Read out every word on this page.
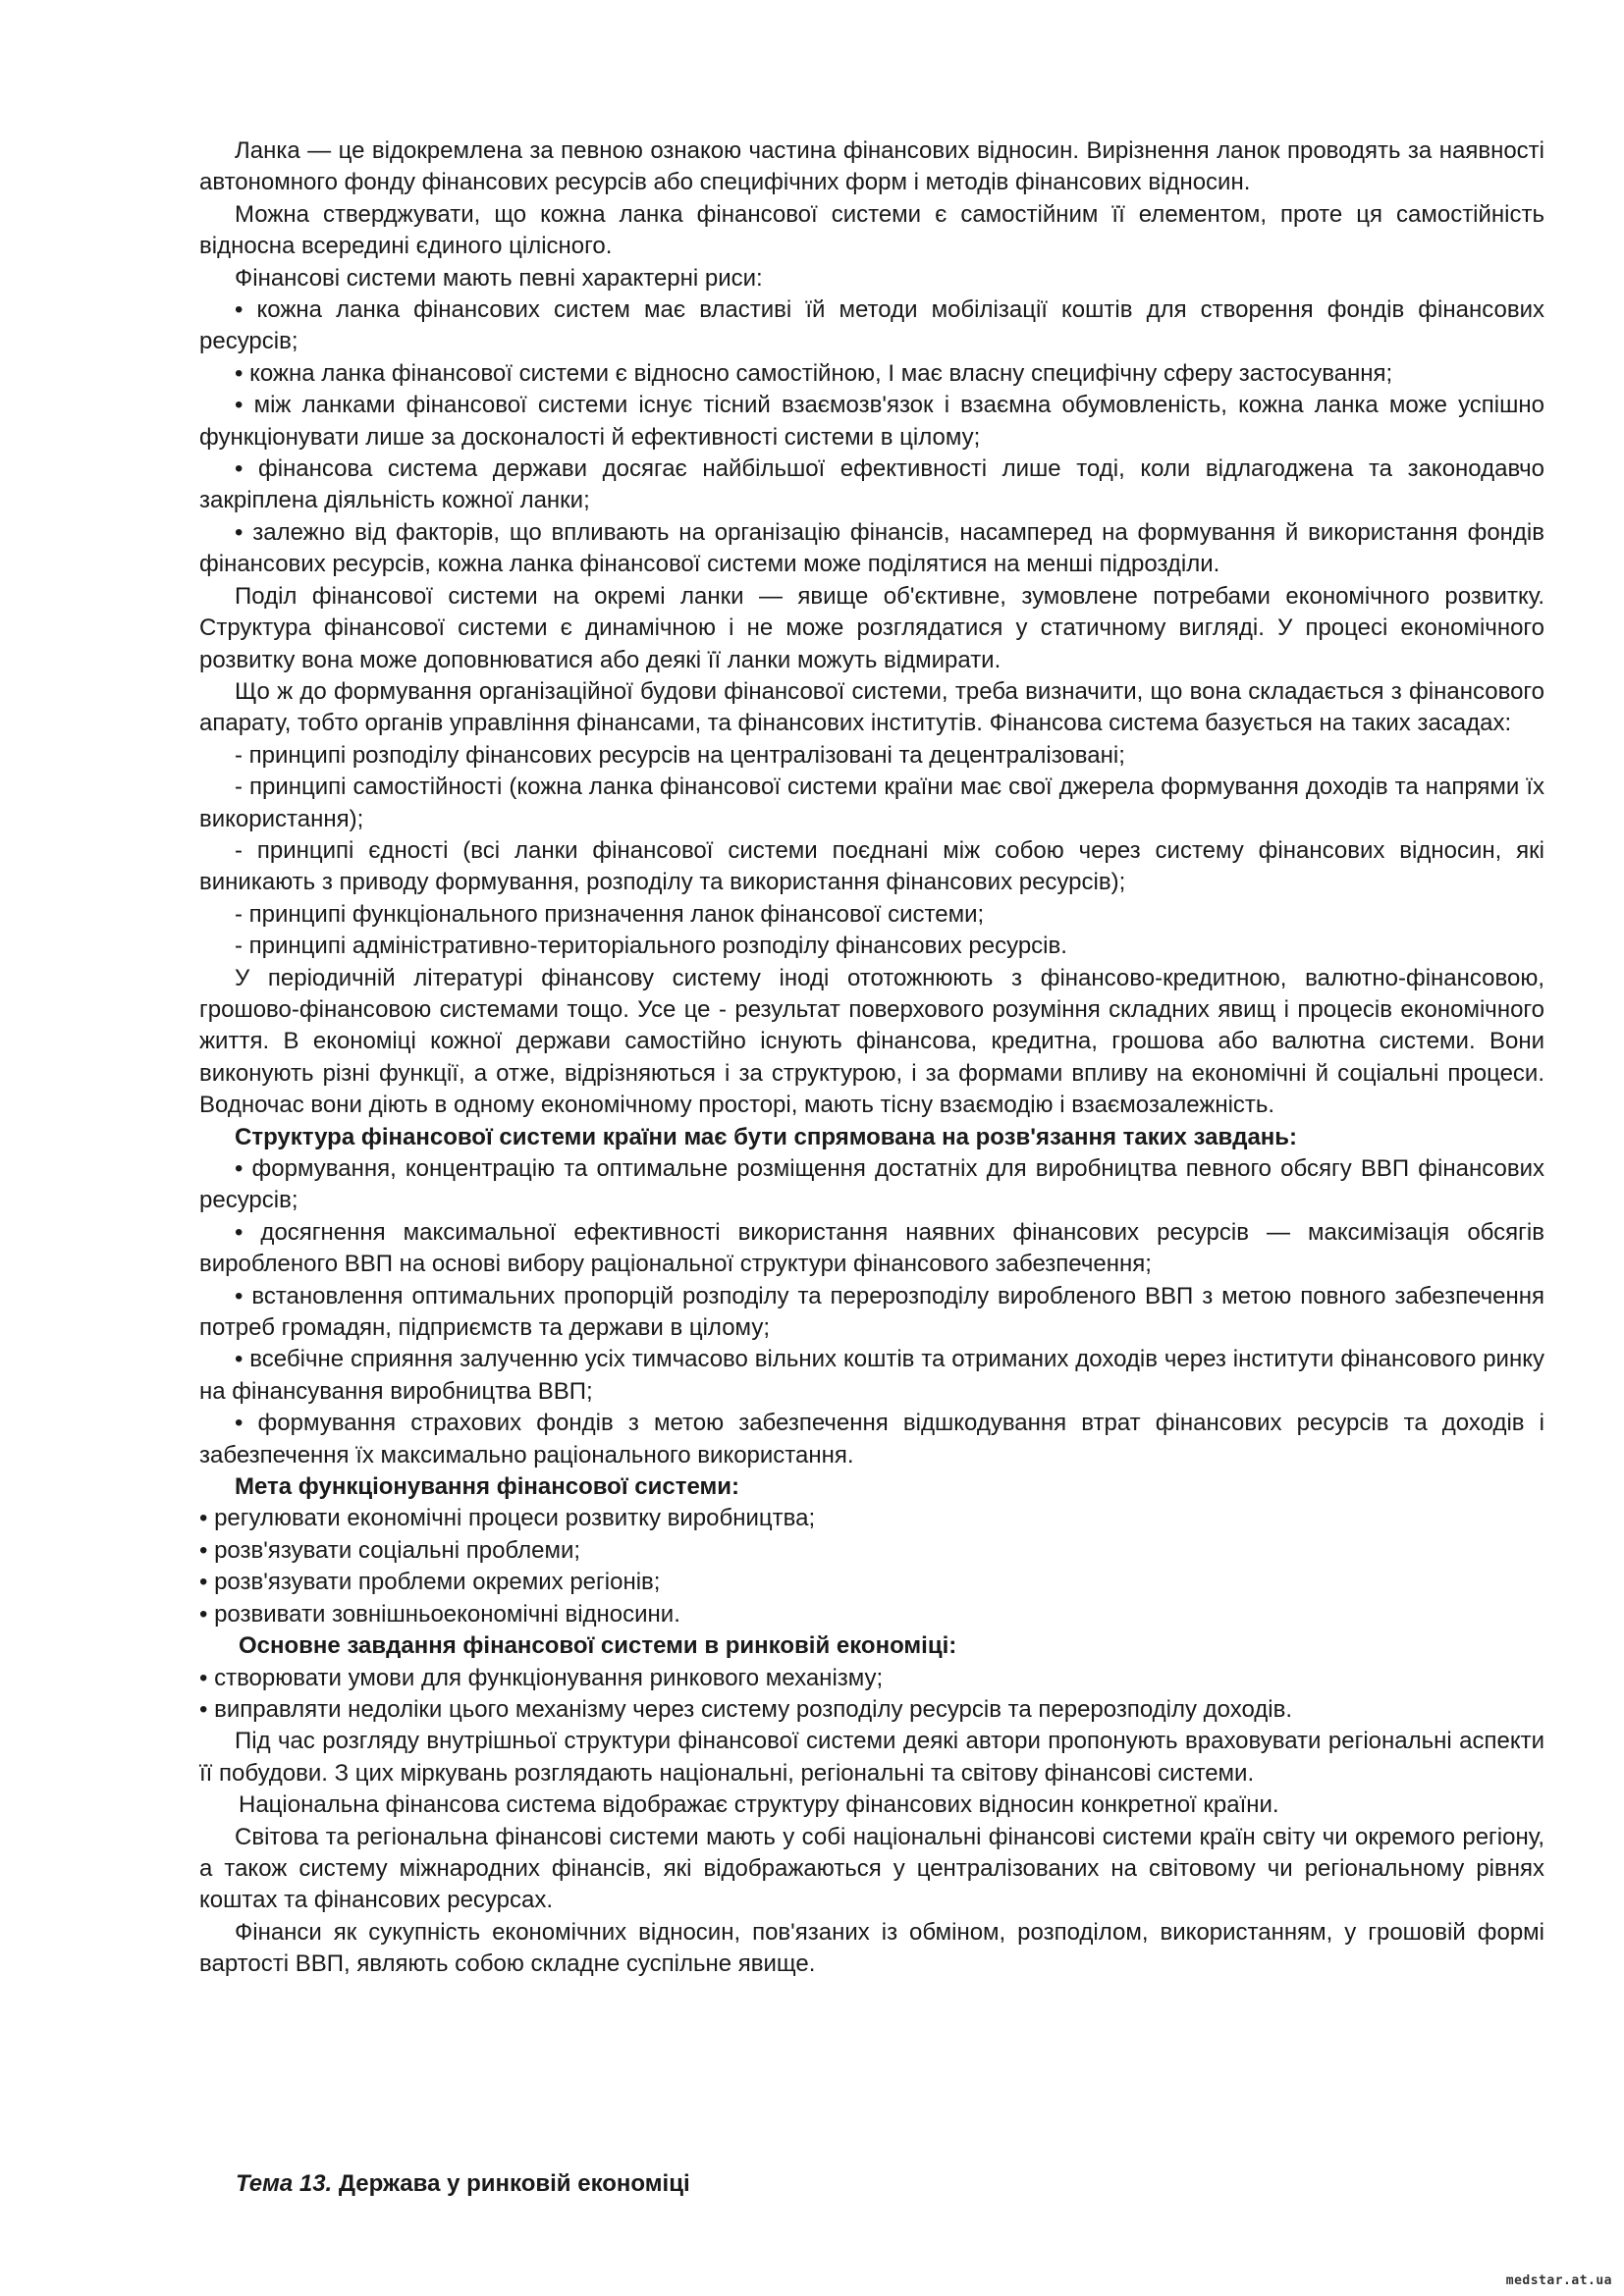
Ланка — це відокремлена за певною ознакою частина фінансових відносин. Вирізнення ланок проводять за наявності автономного фонду фінансових ресурсів або специфічних форм і методів фінансових відносин.

Можна стверджувати, що кожна ланка фінансової системи є самостійним її елементом, проте ця самостійність відносна всередині єдиного цілісного.

Фінансові системи мають певні характерні риси:

• кожна ланка фінансових систем має властиві їй методи мобілізації коштів для створення фондів фінансових ресурсів;

• кожна ланка фінансової системи є відносно самостійною, І має власну специфічну сферу застосування;

• між ланками фінансової системи існує тісний взаємозв'язок і взаємна обумовленість, кожна ланка може успішно функціонувати лише за досконалості й ефективності системи в цілому;

• фінансова система держави досягає найбільшої ефективності лише тоді, коли відлагоджена та законодавчо закріплена діяльність кожної ланки;

• залежно від факторів, що впливають на організацію фінансів, насамперед на формування й використання фондів фінансових ресурсів, кожна ланка фінансової системи може поділятися на менші підрозділи.

Поділ фінансової системи на окремі ланки — явище об'єктивне, зумовлене потребами економічного розвитку. Структура фінансової системи є динамічною і не може розглядатися у статичному вигляді. У процесі економічного розвитку вона може доповнюватися або деякі її ланки можуть відмирати.

Що ж до формування організаційної будови фінансової системи, треба визначити, що вона складається з фінансового апарату, тобто органів управління фінансами, та фінансових інститутів. Фінансова система базується на таких засадах:

- принципі розподілу фінансових ресурсів на централізовані та децентралізовані;

- принципі самостійності (кожна ланка фінансової системи країни має свої джерела формування доходів та напрями їх використання);

- принципі єдності (всі ланки фінансової системи поєднані між собою через систему фінансових відносин, які виникають з приводу формування, розподілу та використання фінансових ресурсів);

- принципі функціонального призначення ланок фінансової системи;

- принципі адміністративно-територіального розподілу фінансових ресурсів.

У періодичній літературі фінансову систему іноді ототожнюють з фінансово-кредитною, валютно-фінансовою, грошово-фінансовою системами тощо. Усе це - результат поверхового розуміння складних явищ і процесів економічного життя. В економіці кожної держави самостійно існують фінансова, кредитна, грошова або валютна системи. Вони виконують різні функції, а отже, відрізняються і за структурою, і за формами впливу на економічні й соціальні процеси. Водночас вони діють в одному економічному просторі, мають тісну взаємодію і взаємозалежність.

Структура фінансової системи країни має бути спрямована на розв'язання таких завдань:

• формування, концентрацію та оптимальне розміщення достатніх для виробництва певного обсягу ВВП фінансових ресурсів;

• досягнення максимальної ефективності використання наявних фінансових ресурсів — максимізація обсягів виробленого ВВП на основі вибору раціональної структури фінансового забезпечення;

• встановлення оптимальних пропорцій розподілу та перерозподілу виробленого ВВП з метою повного забезпечення потреб громадян, підприємств та держави в цілому;

• всебічне сприяння залученню усіх тимчасово вільних коштів та отриманих доходів через інститути фінансового ринку на фінансування виробництва ВВП;

• формування страхових фондів з метою забезпечення відшкодування втрат фінансових ресурсів та доходів і забезпечення їх максимально раціонального використання.

Мета функціонування фінансової системи:

• регулювати економічні процеси розвитку виробництва;

• розв'язувати соціальні проблеми;

• розв'язувати проблеми окремих регіонів;

• розвивати зовнішньоекономічні відносини.

Основне завдання фінансової системи в ринковій економіці:

• створювати умови для функціонування ринкового механізму;

• виправляти недоліки цього механізму через систему розподілу ресурсів та перерозподілу доходів.

Під час розгляду внутрішньої структури фінансової системи деякі автори пропонують враховувати регіональні аспекти її побудови. З цих міркувань розглядають національні, регіональні та світову фінансові системи.

Національна фінансова система відображає структуру фінансових відносин конкретної країни.

Світова та регіональна фінансові системи мають у собі національні фінансові системи країн світу чи окремого регіону, а також систему міжнародних фінансів, які відображаються у централізованих на світовому чи регіональному рівнях коштах та фінансових ресурсах.

Фінанси як сукупність економічних відносин, пов'язаних із обміном, розподілом, використанням, у грошовій формі вартості ВВП, являють собою складне суспільне явище.

Тема 13. Держава у ринковій економіці
medstar.at.ua
